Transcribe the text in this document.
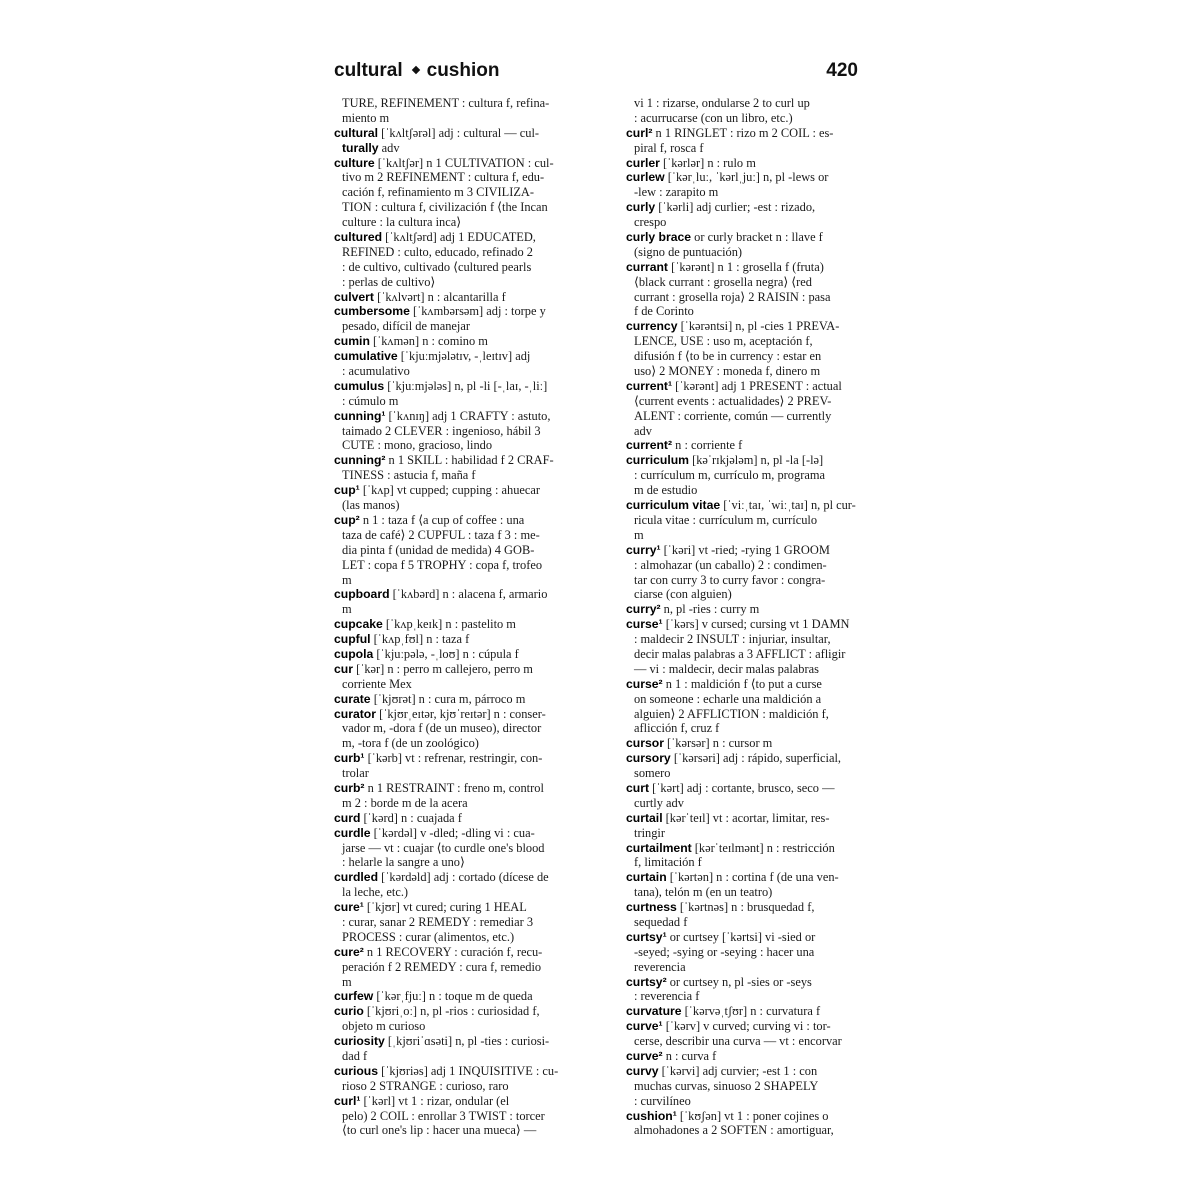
cultural cushion	420
TURE, REFINEMENT : cultura f, refina-
miento m
cultural [ˈkʌltʃərəl] adj : cultural — cul-
turally adv
culture [ˈkʌltʃər] n 1 CULTIVATION : cul-
tivo m 2 REFINEMENT : cultura f, edu-
cación f, refinamiento m 3 CIVILIZA-
TION : cultura f, civilización f ⟨the Incan
culture : la cultura inca⟩
cultured [ˈkʌltʃərd] adj 1 EDUCATED,
REFINED : culto, educado, refinado 2
: de cultivo, cultivado ⟨cultured pearls
: perlas de cultivo⟩
culvert [ˈkʌlvərt] n : alcantarilla f
cumbersome [ˈkʌmbərsəm] adj : torpe y
pesado, difícil de manejar
cumin [ˈkʌmən] n : comino m
cumulative [ˈkjuːmjələtɪv, -ˌleɪtɪv] adj
: acumulativo
cumulus [ˈkjuːmjələs] n, pl -li [-ˌlaɪ, -ˌliː]
: cúmulo m
cunning¹ [ˈkʌnɪŋ] adj 1 CRAFTY : astuto,
taimado 2 CLEVER : ingenioso, hábil 3
CUTE : mono, gracioso, lindo
cunning² n 1 SKILL : habilidad f 2 CRAF-
TINESS : astucia f, maña f
cup¹ [ˈkʌp] vt cupped; cupping : ahuecar
(las manos)
cup² n 1 : taza f ⟨a cup of coffee : una
taza de café⟩ 2 CUPFUL : taza f 3 : me-
dia pinta f (unidad de medida) 4 GOB-
LET : copa f 5 TROPHY : copa f, trofeo
m
cupboard [ˈkʌbərd] n : alacena f, armario
m
cupcake [ˈkʌpˌkeɪk] n : pastelito m
cupful [ˈkʌpˌfʊl] n : taza f
cupola [ˈkjuːpələ, -ˌloʊ] n : cúpula f
cur [ˈkər] n : perro m callejero, perro m
corriente Mex
curate [ˈkjʊrət] n : cura m, párroco m
curator [ˈkjʊrˌeɪtər, kjʊˈreɪtər] n : conser-
vador m, -dora f (de un museo), director
m, -tora f (de un zoológico)
curb¹ [ˈkərb] vt : refrenar, restringir, con-
trolar
curb² n 1 RESTRAINT : freno m, control
m 2 : borde m de la acera
curd [ˈkərd] n : cuajada f
curdle [ˈkərdəl] v -dled; -dling vi : cua-
jarse — vt : cuajar ⟨to curdle one's blood
: helarle la sangre a uno⟩
curdled [ˈkərdəld] adj : cortado (dícese de
la leche, etc.)
cure¹ [ˈkjʊr] vt cured; curing 1 HEAL
: curar, sanar 2 REMEDY : remediar 3
PROCESS : curar (alimentos, etc.)
cure² n 1 RECOVERY : curación f, recu-
peración f 2 REMEDY : cura f, remedio
m
curfew [ˈkərˌfjuː] n : toque m de queda
curio [ˈkjʊriˌoː] n, pl -rios : curiosidad f,
objeto m curioso
curiosity [ˌkjʊriˈɑsəti] n, pl -ties : curiosi-
dad f
curious [ˈkjʊriəs] adj 1 INQUISITIVE : cu-
rioso 2 STRANGE : curioso, raro
curl¹ [ˈkərl] vt 1 : rizar, ondular (el
pelo) 2 COIL : enrollar 3 TWIST : torcer
⟨to curl one's lip : hacer una mueca⟩ —
vi 1 : rizarse, ondularse 2 to curl up
: acurrucarse (con un libro, etc.)
curl² n 1 RINGLET : rizo m 2 COIL : es-
piral f, rosca f
curler [ˈkərlər] n : rulo m
curlew [ˈkərˌluː, ˈkərlˌjuː] n, pl -lews or
-lew : zarapito m
curly [ˈkərli] adj curlier; -est : rizado,
crespo
curly brace or curly bracket n : llave f
(signo de puntuación)
currant [ˈkərənt] n 1 : grosella f (fruta)
⟨black currant : grosella negra⟩ ⟨red
currant : grosella roja⟩ 2 RAISIN : pasa
f de Corinto
currency [ˈkərəntsi] n, pl -cies 1 PREVA-
LENCE, USE : uso m, aceptación f,
difusión f ⟨to be in currency : estar en
uso⟩ 2 MONEY : moneda f, dinero m
current¹ [ˈkərənt] adj 1 PRESENT : actual
⟨current events : actualidades⟩ 2 PREV-
ALENT : corriente, común — currently
adv
current² n : corriente f
curriculum [kəˈrɪkjələm] n, pl -la [-lə]
: currículum m, currículo m, programa
m de estudio
curriculum vitae [ˈviːˌtaɪ, ˈwiːˌtaɪ] n, pl cur-
ricula vitae : currículum m, currículo
m
curry¹ [ˈkəri] vt -ried; -rying 1 GROOM
: almohazar (un caballo) 2 : condimen-
tar con curry 3 to curry favor : congra-
ciarse (con alguien)
curry² n, pl -ries : curry m
curse¹ [ˈkərs] v cursed; cursing vt 1 DAMN
: maldecir 2 INSULT : injuriar, insultar,
decir malas palabras a 3 AFFLICT : afligir
— vi : maldecir, decir malas palabras
curse² n 1 : maldición f ⟨to put a curse
on someone : echarle una maldición a
alguien⟩ 2 AFFLICTION : maldición f,
aflicción f, cruz f
cursor [ˈkərsər] n : cursor m
cursory [ˈkərsəri] adj : rápido, superficial,
somero
curt [ˈkərt] adj : cortante, brusco, seco —
curtly adv
curtail [kərˈteɪl] vt : acortar, limitar, res-
tringir
curtailment [kərˈteɪlmənt] n : restricción
f, limitación f
curtain [ˈkərtən] n : cortina f (de una ven-
tana), telón m (en un teatro)
curtness [ˈkərtnəs] n : brusquedad f,
sequedad f
curtsy¹ or curtsey [ˈkərtsi] vi -sied or
-seyed; -sying or -seying : hacer una
reverencia
curtsy² or curtsey n, pl -sies or -seys
: reverencia f
curvature [ˈkərvəˌtʃʊr] n : curvatura f
curve¹ [ˈkərv] v curved; curving vi : tor-
cerse, describir una curva — vt : encorvar
curve² n : curva f
curvy [ˈkərvi] adj curvier; -est 1 : con
muchas curvas, sinuoso 2 SHAPELY
: curvilíneo
cushion¹ [ˈkʊʃən] vt 1 : poner cojines o
almohadones a 2 SOFTEN : amortiguar,
